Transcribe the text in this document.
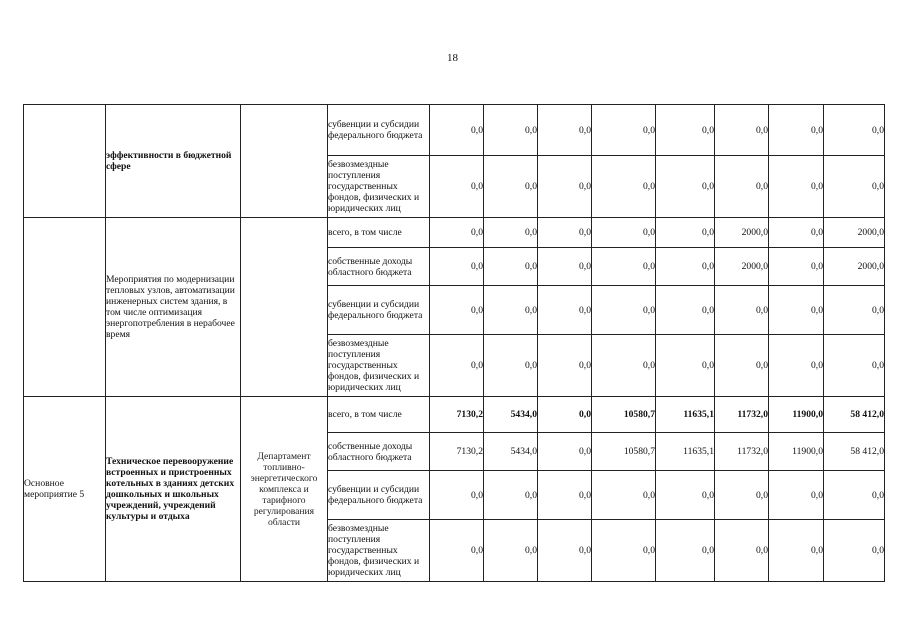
18
	эффективности в бюджетной сфере		субвенции и субсидии федерального бюджета	0,0	0,0	0,0	0,0	0,0	0,0	0,0	0,0
			безвозмездные поступления государственных фондов, физических и юридических лиц	0,0	0,0	0,0	0,0	0,0	0,0	0,0	0,0
	Мероприятия по модернизации тепловых узлов, автоматизации инженерных систем здания, в том числе оптимизация энергопотребления в нерабочее время		всего, в том числе	0,0	0,0	0,0	0,0	0,0	2000,0	0,0	2000,0
			собственные доходы областного бюджета	0,0	0,0	0,0	0,0	0,0	2000,0	0,0	2000,0
			субвенции и субсидии федерального бюджета	0,0	0,0	0,0	0,0	0,0	0,0	0,0	0,0
			безвозмездные поступления государственных фондов, физических и юридических лиц	0,0	0,0	0,0	0,0	0,0	0,0	0,0	0,0
Основное мероприятие 5	Техническое перевооружение встроенных и пристроенных котельных в зданиях детских дошкольных и школьных учреждений, учреждений культуры и отдыха	Департамент топливно-энергетического комплекса и тарифного регулирования области	всего, в том числе	7130,2	5434,0	0,0	10580,7	11635,1	11732,0	11900,0	58 412,0
			собственные доходы областного бюджета	7130,2	5434,0	0,0	10580,7	11635,1	11732,0	11900,0	58 412,0
			субвенции и субсидии федерального бюджета	0,0	0,0	0,0	0,0	0,0	0,0	0,0	0,0
			безвозмездные поступления государственных фондов, физических и юридических лиц	0,0	0,0	0,0	0,0	0,0	0,0	0,0	0,0
